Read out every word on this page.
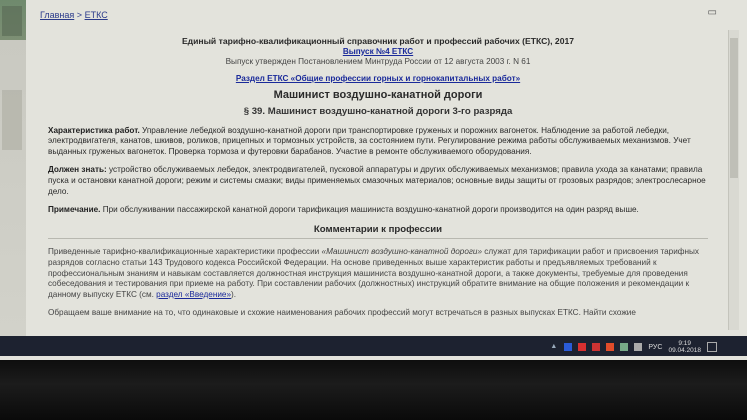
Главная > ЕТКС	▭
Единый тарифно-квалификационный справочник работ и профессий рабочих (ЕТКС), 2017
Выпуск №4 ЕТКС
Выпуск утвержден Постановлением Минтруда России от 12 августа 2003 г. N 61
Раздел ЕТКС «Общие профессии горных и горнокапитальных работ»
Машинист воздушно-канатной дороги
§ 39. Машинист воздушно-канатной дороги 3-го разряда

Характеристика работ. Управление лебедкой воздушно-канатной дороги при транспортировке груженых и порожних вагонеток. Наблюдение за работой лебедки, электродвигателя, канатов, шкивов, роликов, прицепных и тормозных устройств, за состоянием пути. Регулирование режима работы обслуживаемых механизмов. Учет выданных груженых вагонеток. Проверка тормоза и футеровки барабанов. Участие в ремонте обслуживаемого оборудования.

Должен знать: устройство обслуживаемых лебедок, электродвигателей, пусковой аппаратуры и других обслуживаемых механизмов; правила ухода за канатами; правила пуска и остановки канатной дороги; режим и системы смазки; виды применяемых смазочных материалов; основные виды защиты от грозовых разрядов; электрослесарное дело.

Примечание. При обслуживании пассажирской канатной дороги тарификация машиниста воздушно-канатной дороги производится на один разряд выше.

Комментарии к профессии

Приведенные тарифно-квалификационные характеристики профессии «Машинист воздушно-канатной дороги» служат для тарификации работ и присвоения тарифных разрядов согласно статьи 143 Трудового кодекса Российской Федерации. На основе приведенных выше характеристик работы и предъявляемых требований к профессиональным знаниям и навыкам составляется должностная инструкция машиниста воздушно-канатной дороги, а также документы, требуемые для проведения собеседования и тестирования при приеме на работу. При составлении рабочих (должностных) инструкций обратите внимание на общие положения и рекомендации к данному выпуску ЕТКС (см. раздел «Введение»).

Обращаем ваше внимание на то, что одинаковые и схожие наименования рабочих профессий могут встречаться в разных выпусках ЕТКС. Найти схожие

▲	РУС	9:19
09.04.2018
